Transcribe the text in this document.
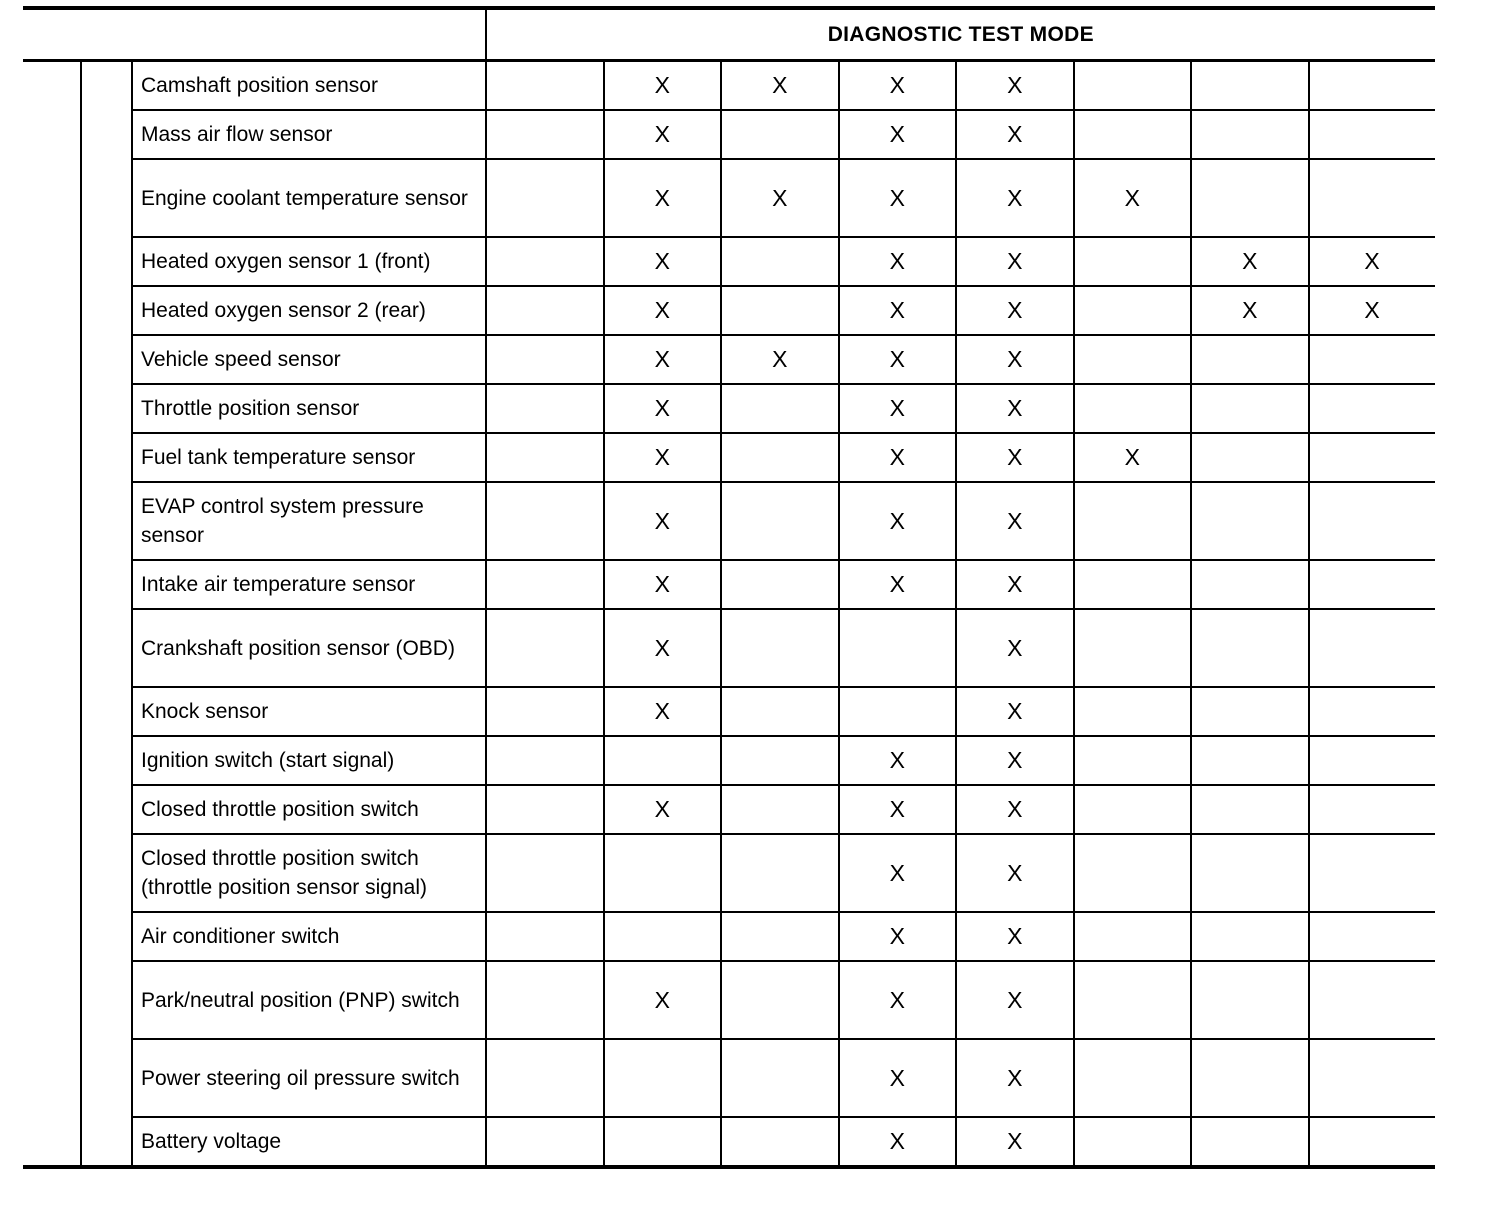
			DIAGNOSTIC TEST MODE							
		Camshaft position sensor		X	X	X	X			
		Mass air flow sensor		X		X	X			
		Engine coolant temperature sensor		X	X	X	X	X		
		Heated oxygen sensor 1 (front)		X		X	X		X	X
		Heated oxygen sensor 2 (rear)		X		X	X		X	X
		Vehicle speed sensor		X	X	X	X			
		Throttle position sensor		X		X	X			
		Fuel tank temperature sensor		X		X	X	X		
		EVAP control system pressure sensor		X		X	X			
		Intake air temperature sensor		X		X	X			
		Crankshaft position sensor (OBD)		X			X			
		Knock sensor		X			X			
		Ignition switch (start signal)				X	X			
		Closed throttle position switch		X		X	X			
		Closed throttle position switch (throttle position sensor signal)				X	X			
		Air conditioner switch				X	X			
		Park/neutral position (PNP) switch		X		X	X			
		Power steering oil pressure switch				X	X			
		Battery voltage				X	X			
